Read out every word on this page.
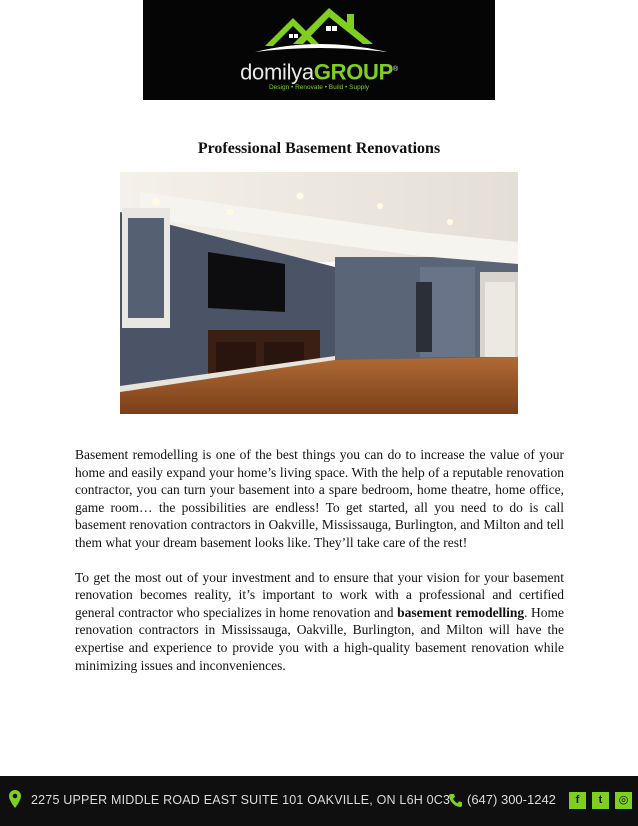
domilyaGROUP®
Design • Renovate • Build • Supply
Professional Basement Renovations

Basement remodelling is one of the best things you can do to increase the value of your home and easily expand your home’s living space. With the help of a reputable renovation contractor, you can turn your basement into a spare bedroom, home theatre, home office, game room… the possibilities are endless! To get started, all you need to do is call basement renovation contractors in Oakville, Mississauga, Burlington, and Milton and tell them what your dream basement looks like. They’ll take care of the rest!

To get the most out of your investment and to ensure that your vision for your basement renovation becomes reality, it’s important to work with a professional and certified general contractor who specializes in home renovation and basement remodelling. Home renovation contractors in Mississauga, Oakville, Burlington, and Milton will have the expertise and experience to provide you with a high-quality basement renovation while minimizing issues and inconveniences.

2275 UPPER MIDDLE ROAD EAST SUITE 101 OAKVILLE, ON L6H 0C3 (647) 300-1242	f	t	◎
